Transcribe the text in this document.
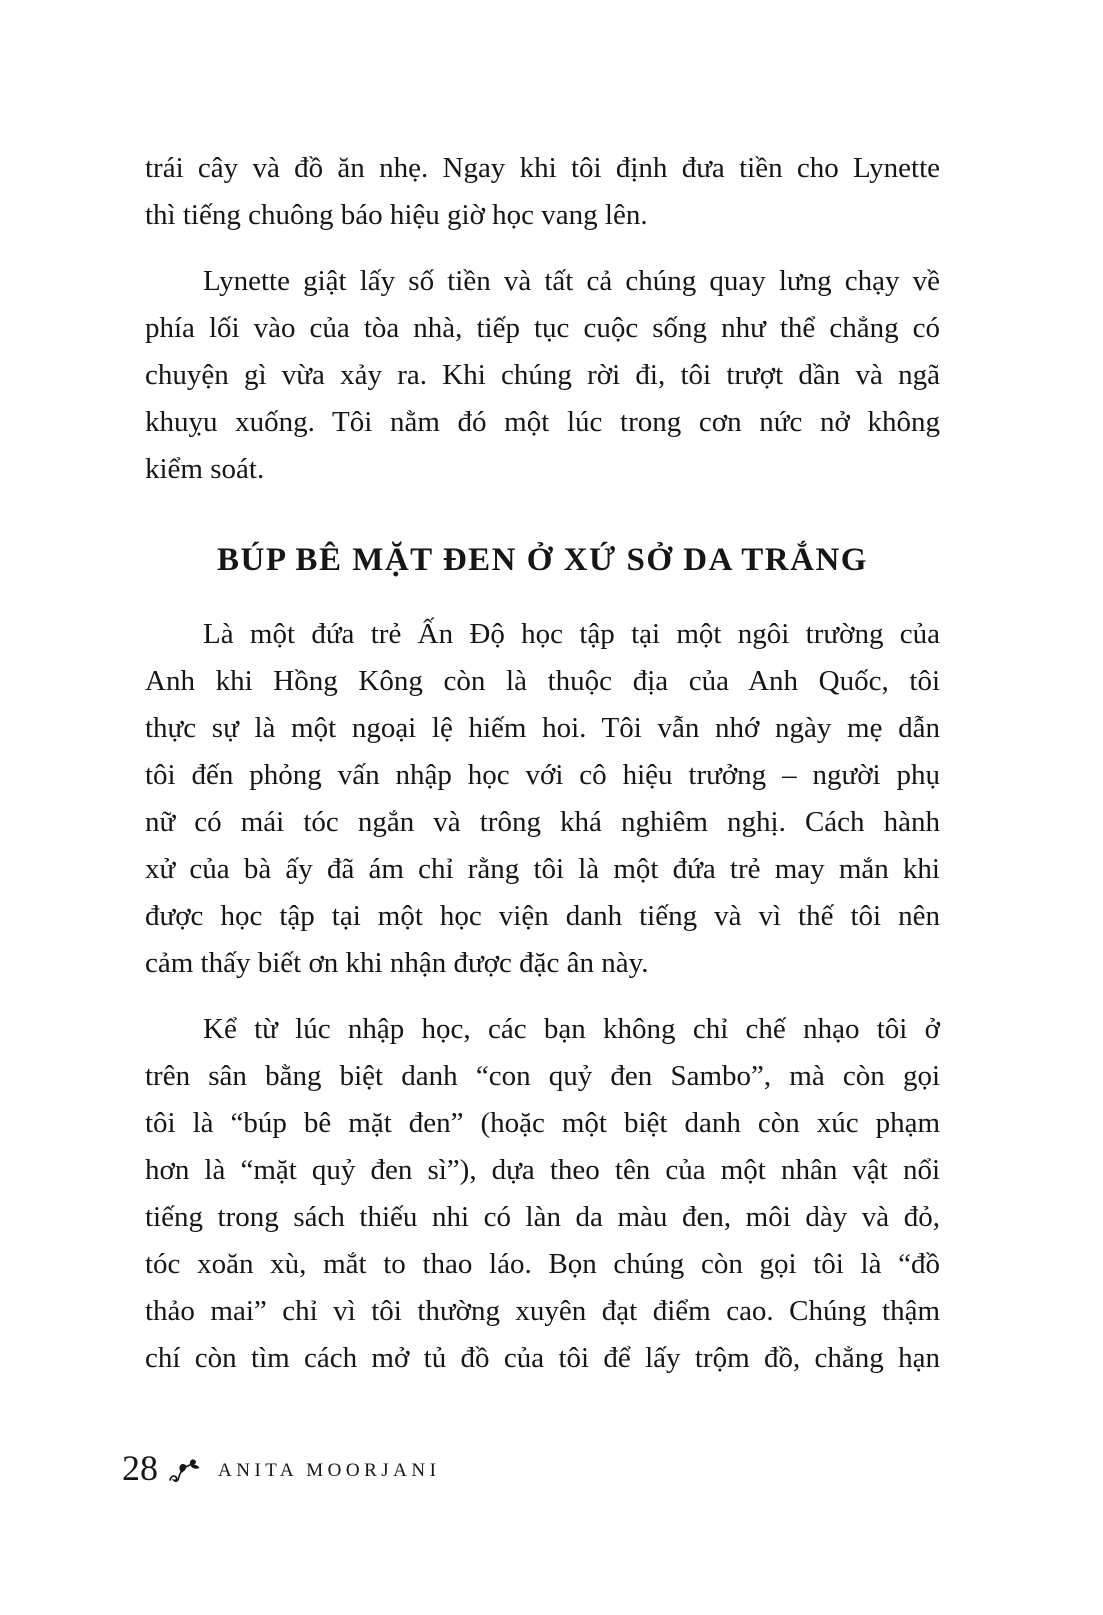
trái cây và đồ ăn nhẹ. Ngay khi tôi định đưa tiền cho Lynette
thì tiếng chuông báo hiệu giờ học vang lên.
Lynette giật lấy số tiền và tất cả chúng quay lưng chạy về
phía lối vào của tòa nhà, tiếp tục cuộc sống như thể chẳng có
chuyện gì vừa xảy ra. Khi chúng rời đi, tôi trượt dần và ngã
khuỵu xuống. Tôi nằm đó một lúc trong cơn nức nở không
kiểm soát.
BÚP BÊ MẶT ĐEN Ở XỨ SỞ DA TRẮNG
Là một đứa trẻ Ấn Độ học tập tại một ngôi trường của
Anh khi Hồng Kông còn là thuộc địa của Anh Quốc, tôi
thực sự là một ngoại lệ hiếm hoi. Tôi vẫn nhớ ngày mẹ dẫn
tôi đến phỏng vấn nhập học với cô hiệu trưởng – người phụ
nữ có mái tóc ngắn và trông khá nghiêm nghị. Cách hành
xử của bà ấy đã ám chỉ rằng tôi là một đứa trẻ may mắn khi
được học tập tại một học viện danh tiếng và vì thế tôi nên
cảm thấy biết ơn khi nhận được đặc ân này.
Kể từ lúc nhập học, các bạn không chỉ chế nhạo tôi ở
trên sân bằng biệt danh “con quỷ đen Sambo”, mà còn gọi
tôi là “búp bê mặt đen” (hoặc một biệt danh còn xúc phạm
hơn là “mặt quỷ đen sì”), dựa theo tên của một nhân vật nổi
tiếng trong sách thiếu nhi có làn da màu đen, môi dày và đỏ,
tóc xoăn xù, mắt to thao láo. Bọn chúng còn gọi tôi là “đồ
thảo mai” chỉ vì tôi thường xuyên đạt điểm cao. Chúng thậm
chí còn tìm cách mở tủ đồ của tôi để lấy trộm đồ, chẳng hạn
28	ANITA MOORJANI
